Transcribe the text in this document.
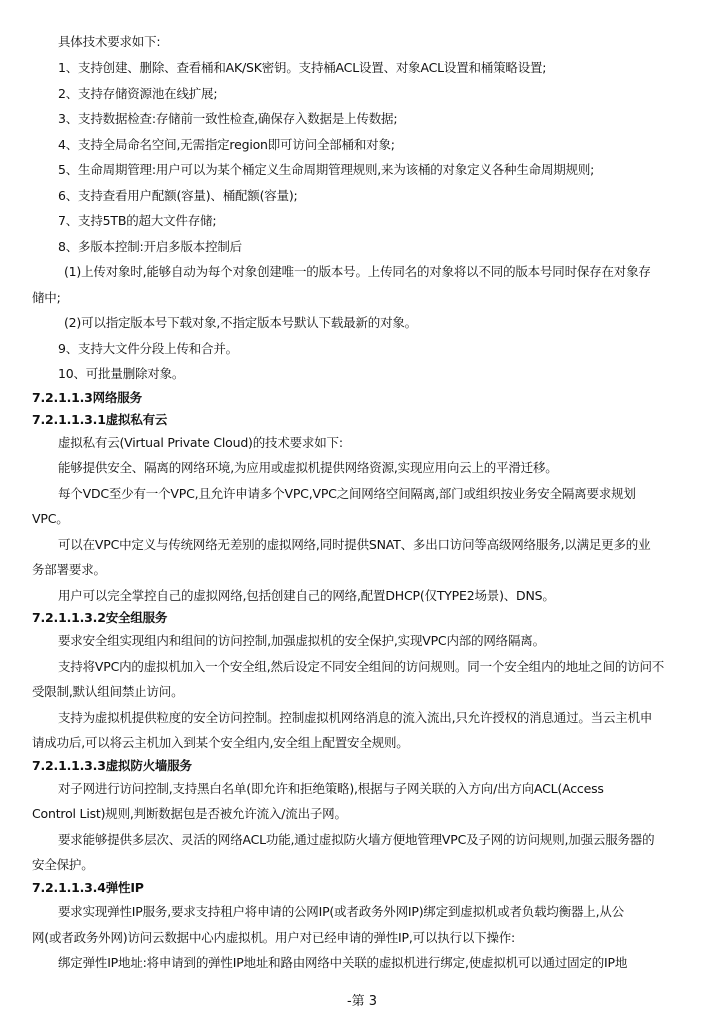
具体技术要求如下:
1、支持创建、删除、查看桶和AK/SK密钥。支持桶ACL设置、对象ACL设置和桶策略设置;
2、支持存储资源池在线扩展;
3、支持数据检查:存储前一致性检查,确保存入数据是上传数据;
4、支持全局命名空间,无需指定region即可访问全部桶和对象;
5、生命周期管理:用户可以为某个桶定义生命周期管理规则,来为该桶的对象定义各种生命周期规则;
6、支持查看用户配额(容量)、桶配额(容量);
7、支持5TB的超大文件存储;
8、多版本控制:开启多版本控制后
(1)上传对象时,能够自动为每个对象创建唯一的版本号。上传同名的对象将以不同的版本号同时保存在对象存
储中;
(2)可以指定版本号下载对象,不指定版本号默认下载最新的对象。
9、支持大文件分段上传和合并。
10、可批量删除对象。
7.2.1.1.3网络服务
7.2.1.1.3.1虚拟私有云
虚拟私有云(Virtual Private Cloud)的技术要求如下:
能够提供安全、隔离的网络环境,为应用或虚拟机提供网络资源,实现应用向云上的平滑迁移。
每个VDC至少有一个VPC,且允许申请多个VPC,VPC之间网络空间隔离,部门或组织按业务安全隔离要求规划
VPC。
可以在VPC中定义与传统网络无差别的虚拟网络,同时提供SNAT、多出口访问等高级网络服务,以满足更多的业
务部署要求。
用户可以完全掌控自己的虚拟网络,包括创建自己的网络,配置DHCP(仅TYPE2场景)、DNS。
7.2.1.1.3.2安全组服务
要求安全组实现组内和组间的访问控制,加强虚拟机的安全保护,实现VPC内部的网络隔离。
支持将VPC内的虚拟机加入一个安全组,然后设定不同安全组间的访问规则。同一个安全组内的地址之间的访问不
受限制,默认组间禁止访问。
支持为虚拟机提供粒度的安全访问控制。控制虚拟机网络消息的流入流出,只允许授权的消息通过。当云主机申
请成功后,可以将云主机加入到某个安全组内,安全组上配置安全规则。
7.2.1.1.3.3虚拟防火墙服务
对子网进行访问控制,支持黑白名单(即允许和拒绝策略),根据与子网关联的入方向/出方向ACL(Access
Control List)规则,判断数据包是否被允许流入/流出子网。
要求能够提供多层次、灵活的网络ACL功能,通过虚拟防火墙方便地管理VPC及子网的访问规则,加强云服务器的
安全保护。
7.2.1.1.3.4弹性IP
要求实现弹性IP服务,要求支持租户将申请的公网IP(或者政务外网IP)绑定到虚拟机或者负载均衡器上,从公
网(或者政务外网)访问云数据中心内虚拟机。用户对已经申请的弹性IP,可以执行以下操作:
绑定弹性IP地址:将申请到的弹性IP地址和路由网络中关联的虚拟机进行绑定,使虚拟机可以通过固定的IP地
-第 3
